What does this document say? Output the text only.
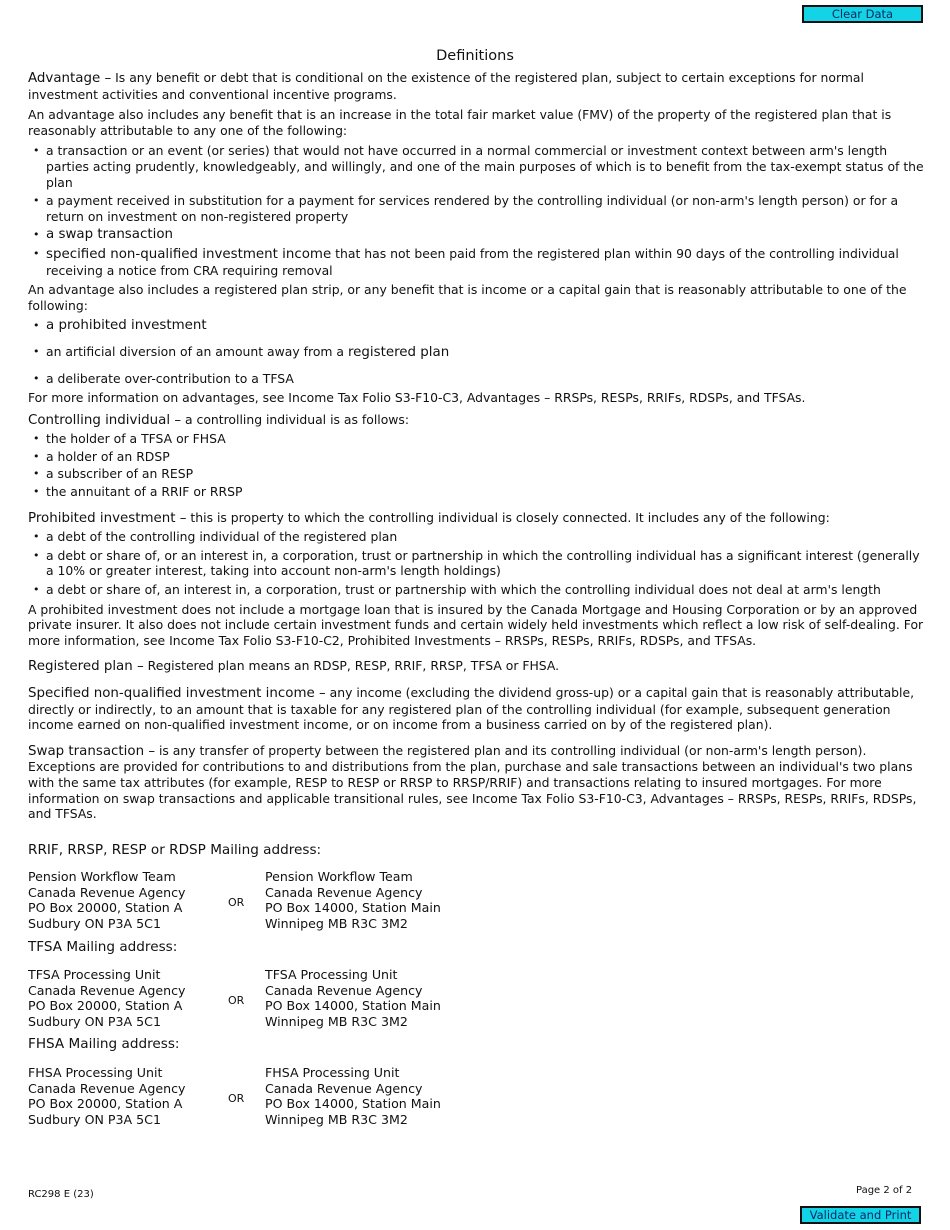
Clear Data
Definitions
Advantage – Is any benefit or debt that is conditional on the existence of the registered plan, subject to certain exceptions for normal investment activities and conventional incentive programs.
An advantage also includes any benefit that is an increase in the total fair market value (FMV) of the property of the registered plan that is reasonably attributable to any one of the following:
• a transaction or an event (or series) that would not have occurred in a normal commercial or investment context between arm's length parties acting prudently, knowledgeably, and willingly, and one of the main purposes of which is to benefit from the tax-exempt status of the plan
• a payment received in substitution for a payment for services rendered by the controlling individual (or non-arm's length person) or for a return on investment on non-registered property
• a swap transaction
• specified non-qualified investment income that has not been paid from the registered plan within 90 days of the controlling individual receiving a notice from CRA requiring removal
An advantage also includes a registered plan strip, or any benefit that is income or a capital gain that is reasonably attributable to one of the following:
• a prohibited investment
• an artificial diversion of an amount away from a registered plan
• a deliberate over-contribution to a TFSA
For more information on advantages, see Income Tax Folio S3-F10-C3, Advantages – RRSPs, RESPs, RRIFs, RDSPs, and TFSAs.
Controlling individual – a controlling individual is as follows:
• the holder of a TFSA or FHSA
• a holder of an RDSP
• a subscriber of an RESP
• the annuitant of a RRIF or RRSP
Prohibited investment – this is property to which the controlling individual is closely connected. It includes any of the following:
• a debt of the controlling individual of the registered plan
• a debt or share of, or an interest in, a corporation, trust or partnership in which the controlling individual has a significant interest (generally a 10% or greater interest, taking into account non-arm's length holdings)
• a debt or share of, an interest in, a corporation, trust or partnership with which the controlling individual does not deal at arm's length
A prohibited investment does not include a mortgage loan that is insured by the Canada Mortgage and Housing Corporation or by an approved private insurer. It also does not include certain investment funds and certain widely held investments which reflect a low risk of self-dealing. For more information, see Income Tax Folio S3-F10-C2, Prohibited Investments – RRSPs, RESPs, RRIFs, RDSPs, and TFSAs.
Registered plan – Registered plan means an RDSP, RESP, RRIF, RRSP, TFSA or FHSA.
Specified non-qualified investment income – any income (excluding the dividend gross-up) or a capital gain that is reasonably attributable, directly or indirectly, to an amount that is taxable for any registered plan of the controlling individual (for example, subsequent generation income earned on non-qualified investment income, or on income from a business carried on by of the registered plan).
Swap transaction – is any transfer of property between the registered plan and its controlling individual (or non-arm's length person). Exceptions are provided for contributions to and distributions from the plan, purchase and sale transactions between an individual's two plans with the same tax attributes (for example, RESP to RESP or RRSP to RRSP/RRIF) and transactions relating to insured mortgages. For more information on swap transactions and applicable transitional rules, see Income Tax Folio S3-F10-C3, Advantages – RRSPs, RESPs, RRIFs, RDSPs, and TFSAs.
RRIF, RRSP, RESP or RDSP Mailing address:
Pension Workflow Team
Canada Revenue Agency
PO Box 20000, Station A
Sudbury ON P3A 5C1
OR
Pension Workflow Team
Canada Revenue Agency
PO Box 14000, Station Main
Winnipeg MB R3C 3M2
TFSA Mailing address:
TFSA Processing Unit
Canada Revenue Agency
PO Box 20000, Station A
Sudbury ON P3A 5C1
OR
TFSA Processing Unit
Canada Revenue Agency
PO Box 14000, Station Main
Winnipeg MB R3C 3M2
FHSA Mailing address:
FHSA Processing Unit
Canada Revenue Agency
PO Box 20000, Station A
Sudbury ON P3A 5C1
OR
FHSA Processing Unit
Canada Revenue Agency
PO Box 14000, Station Main
Winnipeg MB R3C 3M2
RC298 E (23)	Page 2 of 2
Validate and Print
